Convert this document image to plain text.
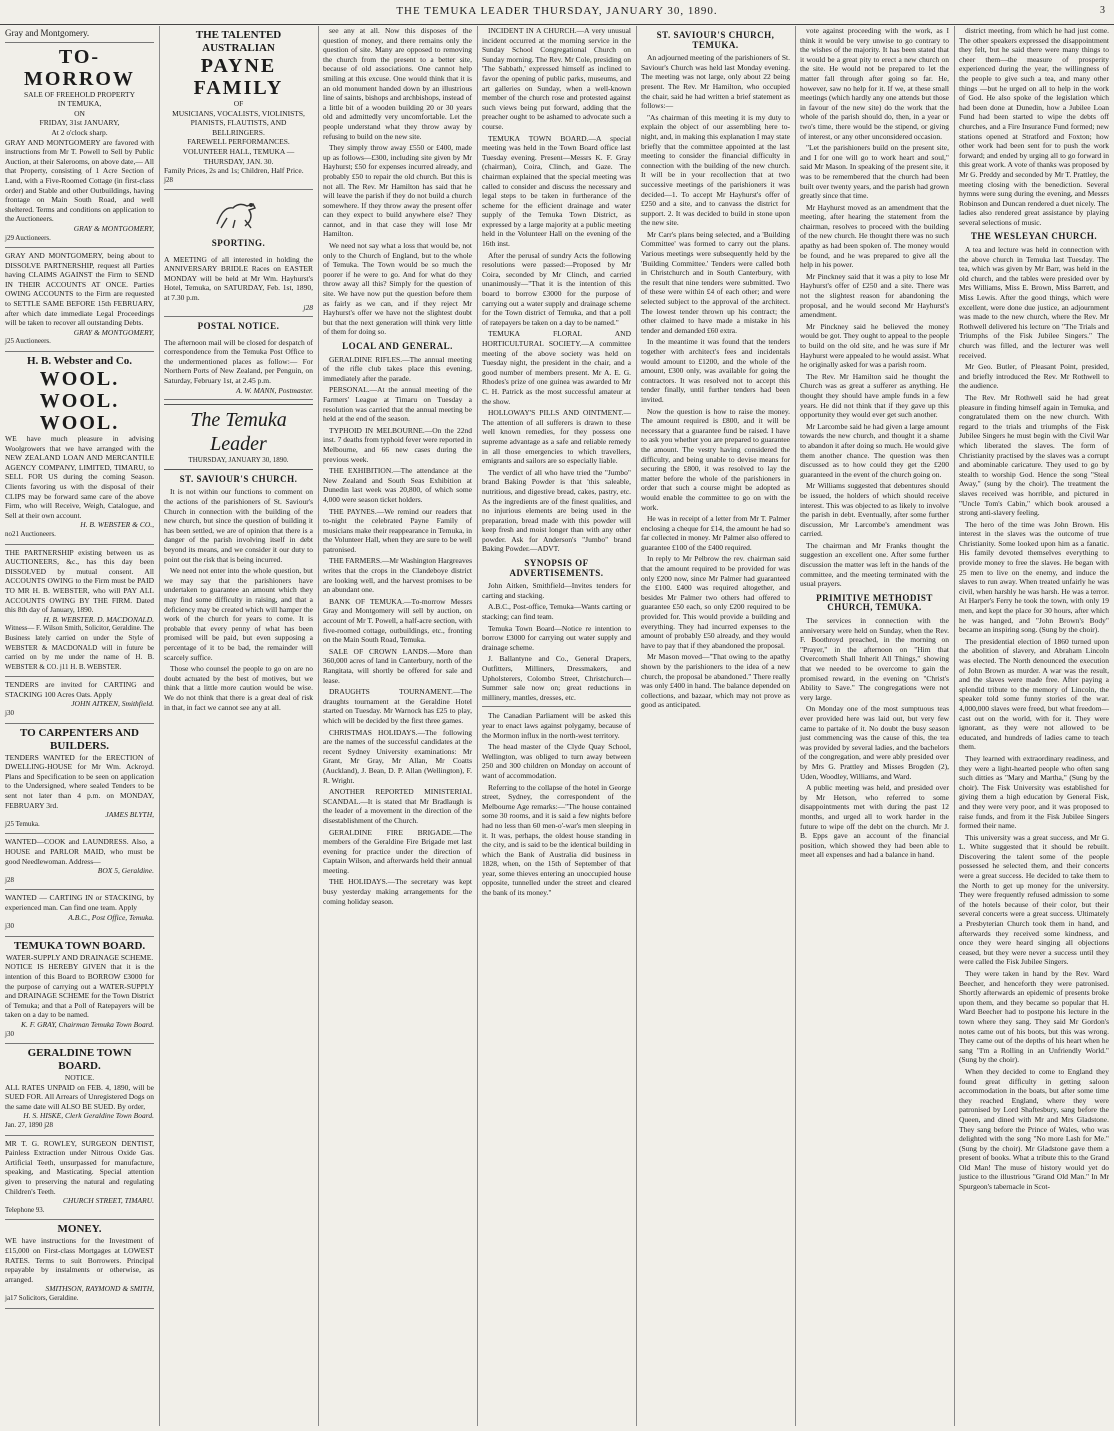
THE TEMUKA LEADER THURSDAY, JANUARY 30, 1890.	3
Gray and Montgomery.
TO-MORROW
SALE OF FREEHOLD PROPERTY
IN TEMUKA,
ON
FRIDAY, 31st JANUARY,
At 2 o'clock sharp.
GRAY AND MONTGOMERY are favored with instructions from Mr T. Powell to Sell by Public Auction, at their Salerooms, on above date,— All that Property, consisting of 1 Acre Section of Land, with a Five-Roomed Cottage (in first-class order) and Stable and other Outbuildings, having frontage on Main South Road, and well sheltered. Terms and conditions on application to the Auctioneers.
GRAY & MONTGOMERY,
j29 Auctioneers.
GRAY AND MONTGOMERY, being about to DISSOLVE PARTNERSHIP, request all Parties having CLAIMS AGAINST the Firm to SEND IN THEIR ACCOUNTS AT ONCE. Parties OWING ACCOUNTS to the Firm are requested to SETTLE SAME BEFORE 15th FEBRUARY, after which date immediate Legal Proceedings will be taken to recover all outstanding Debts.
GRAY & MONTGOMERY,
j25 Auctioneers.
H. B. Webster and Co.
WOOL. WOOL. WOOL.
WE have much pleasure in advising Woolgrowers that we have arranged with the NEW ZEALAND LOAN AND MERCANTILE AGENCY COMPANY, LIMITED, TIMARU, to SELL FOR US during the coming Season. Clients favoring us with the disposal of their CLIPS may be forward same care of the above Firm, who will Receive, Weigh, Catalogue, and Sell at their own account.
H. B. WEBSTER & CO.,
no21 Auctioneers.
THE PARTNERSHIP existing between us as AUCTIONEERS, &c., has this day been DISSOLVED by mutual consent. All ACCOUNTS OWING to the Firm must be PAID TO MR H. B. WEBSTER, who will PAY ALL ACCOUNTS OWING BY THE FIRM. Dated this 8th day of January, 1890.
H. B. WEBSTER. D. MACDONALD.
Witness— F. Wilson Smith, Solicitor, Geraldine. The Business lately carried on under the Style of WEBSTER & MACDONALD will in future be carried on by me under the name of H. B. WEBSTER & CO. j11 H. B. WEBSTER.
TENDERS are invited for CARTING and STACKING 100 Acres Oats. Apply
JOHN AITKEN, Smithfield.
j30
TO CARPENTERS AND BUILDERS.
TENDERS WANTED for the ERECTION of DWELLING-HOUSE for Mr Wm. Ackroyd. Plans and Specification to be seen on application to the Undersigned, where sealed Tenders to be sent not later than 4 p.m. on MONDAY, FEBRUARY 3rd.
JAMES BLYTH,
j25 Temuka.
WANTED—COOK and LAUNDRESS. Also, a HOUSE and PARLOR MAID, who must be good Needlewoman. Address—
BOX 5, Geraldine.
j28
WANTED — CARTING IN or STACKING, by experienced man. Can find one team. Apply
A.B.C., Post Office, Temuka.
j30
TEMUKA TOWN BOARD.
WATER-SUPPLY AND DRAINAGE SCHEME.
NOTICE IS HEREBY GIVEN that it is the intention of this Board to BORROW £3000 for the purpose of carrying out a WATER-SUPPLY and DRAINAGE SCHEME for the Town District of Temuka; and that a Poll of Ratepayers will be taken on a day to be named.
K. F. GRAY, Chairman Temuka Town Board.
j30
GERALDINE TOWN BOARD.
NOTICE.
ALL RATES UNPAID on FEB. 4, 1890, will be SUED FOR. All Arrears of Unregistered Dogs on the same date will ALSO BE SUED. By order,
H. S. HISKE, Clerk Geraldine Town Board.
Jan. 27, 1890 j28
MR T. G. ROWLEY, SURGEON DENTIST, Painless Extraction under Nitrous Oxide Gas. Artificial Teeth, unsurpassed for manufacture, speaking, and Masticating. Special attention given to preserving the natural and regulating Children's Teeth.
CHURCH STREET, TIMARU.
Telephone 93.
MONEY.
WE have instructions for the Investment of £15,000 on First-class Mortgages at LOWEST RATES. Terms to suit Borrowers. Principal repayable by instalments or otherwise, as arranged.
SMITHSON, RAYMOND & SMITH,
ja17 Solicitors, Geraldine.
THE TALENTED AUSTRALIAN
PAYNE FAMILY
OF
MUSICIANS, VOCALISTS, VIOLINISTS, PIANISTS, FLAUTISTS, AND BELLRINGERS.
FAREWELL PERFORMANCES.
VOLUNTEER HALL, TEMUKA — THURSDAY, JAN. 30.
Family Prices, 2s and 1s; Children, Half Price.
j28
SPORTING.
A MEETING of all interested in holding the ANNIVERSARY BRIDLE Races on EASTER MONDAY will be held at Mr Wm. Hayhurst's Hotel, Temuka, on SATURDAY, Feb. 1st, 1890, at 7.30 p.m.
j28
POSTAL NOTICE.
The afternoon mail will be closed for despatch of correspondence from the Temuka Post Office to the undermentioned places as follow:— For Northern Ports of New Zealand, per Penguin, on Saturday, February 1st, at 2.45 p.m.
A. W. MANN, Postmaster.
The Temuka Leader
THURSDAY, JANUARY 30, 1890.
ST. SAVIOUR'S CHURCH.

It is not within our functions to comment on the actions of the parishioners of St. Saviour's Church in connection with the building of the new church, but since the question of building it has been settled, we are of opinion that there is a danger of the parish involving itself in debt beyond its means, and we consider it our duty to point out the risk that is being incurred.

We need not enter into the whole question, but we may say that the parishioners have undertaken to guarantee an amount which they may find some difficulty in raising, and that a deficiency may be created which will hamper the work of the church for years to come. It is probable that every penny of what has been promised will be paid, but even supposing a percentage of it to be bad, the remainder will scarcely suffice.

Those who counsel the people to go on are no doubt actuated by the best of motives, but we think that a little more caution would be wise. We do not think that there is a great deal of risk in that, in fact we cannot see any at all.

see any at all. Now this disposes of the question of money, and there remains only the question of site. Many are opposed to removing the church from the present to a better site, because of old associations. One cannot help smiling at this excuse. One would think that it is an old monument handed down by an illustrious line of saints, bishops and archbishops, instead of a little bit of a wooden building 20 or 30 years old and admittedly very uncomfortable. Let the people understand what they throw away by refusing to build on the new site.

They simply throw away £550 or £400, made up as follows—£300, including site given by Mr Hayhurst; £50 for expenses incurred already, and probably £50 to repair the old church. But this is not all. The Rev. Mr Hamilton has said that he will leave the parish if they do not build a church somewhere. If they throw away the present offer can they expect to build anywhere else? They cannot, and in that case they will lose Mr Hamilton.

We need not say what a loss that would be, not only to the Church of England, but to the whole of Temuka. The Town would be so much the poorer if he were to go. And for what do they throw away all this? Simply for the question of site. We have now put the question before them as fairly as we can, and if they reject Mr Hayhurst's offer we have not the slightest doubt but that the next generation will think very little of them for doing so.

LOCAL AND GENERAL.

GERALDINE RIFLES.—The annual meeting of the rifle club takes place this evening, immediately after the parade.

PERSONAL.—At the annual meeting of the Farmers' League at Timaru on Tuesday a resolution was carried that the annual meeting be held at the end of the season.

TYPHOID IN MELBOURNE.—On the 22nd inst. 7 deaths from typhoid fever were reported in Melbourne, and 66 new cases during the previous week.

THE EXHIBITION.—The attendance at the New Zealand and South Seas Exhibition at Dunedin last week was 20,800, of which some 4,000 were season ticket holders.

THE PAYNES.—We remind our readers that to-night the celebrated Payne Family of musicians make their reappearance in Temuka, in the Volunteer Hall, when they are sure to be well patronised.

THE FARMERS.—Mr Washington Hargreaves writes that the crops in the Clandeboye district are looking well, and the harvest promises to be an abundant one.

BANK OF TEMUKA.—To-morrow Messrs Gray and Montgomery will sell by auction, on account of Mr T. Powell, a half-acre section, with five-roomed cottage, outbuildings, etc., fronting on the Main South Road, Temuka.

SALE OF CROWN LANDS.—More than 360,000 acres of land in Canterbury, north of the Rangitata, will shortly be offered for sale and lease.

DRAUGHTS TOURNAMENT.—The draughts tournament at the Geraldine Hotel started on Tuesday. Mr Warnock has £25 to play, which will be decided by the first three games.

CHRISTMAS HOLIDAYS.—The following are the names of the successful candidates at the recent Sydney University examinations: Mr Grant, Mr Gray, Mr Allan, Mr Coatts (Auckland), J. Bean, D. P. Allan (Wellington), F. R. Wright.

ANOTHER REPORTED MINISTERIAL SCANDAL.—It is stated that Mr Bradlaugh is the leader of a movement in the direction of the disestablishment of the Church.

GERALDINE FIRE BRIGADE.—The members of the Geraldine Fire Brigade met last evening for practice under the direction of Captain Wilson, and afterwards held their annual meeting.

THE HOLIDAYS.—The secretary was kept busy yesterday making arrangements for the coming holiday season.

INCIDENT IN A CHURCH.—A very unusual incident occurred at the morning service in the Sunday School Congregational Church on Sunday morning. The Rev. Mr Cole, presiding on 'The Sabbath,' expressed himself as inclined to favor the opening of public parks, museums, and art galleries on Sunday, when a well-known member of the church rose and protested against such views being put forward, adding that the preacher ought to be ashamed to advocate such a course.

TEMUKA TOWN BOARD.—A special meeting was held in the Town Board office last Tuesday evening. Present—Messrs K. F. Gray (chairman), Coira, Clinch, and Gaze. The chairman explained that the special meeting was called to consider and discuss the necessary and legal steps to be taken in furtherance of the scheme for the efficient drainage and water supply of the Temuka Town District, as expressed by a large majority at a public meeting held in the Volunteer Hall on the evening of the 16th inst.

After the perusal of sundry Acts the following resolutions were passed:—Proposed by Mr Coira, seconded by Mr Clinch, and carried unanimously—"That it is the intention of this board to borrow £3000 for the purpose of carrying out a water supply and drainage scheme for the Town district of Temuka, and that a poll of ratepayers be taken on a day to be named."

TEMUKA FLORAL AND HORTICULTURAL SOCIETY.—A committee meeting of the above society was held on Tuesday night, the president in the chair, and a good number of members present. Mr A. E. G. Rhodes's prize of one guinea was awarded to Mr C. H. Patrick as the most successful amateur at the show.

HOLLOWAY'S PILLS AND OINTMENT.—The attention of all sufferers is drawn to these well known remedies, for they possess one supreme advantage as a safe and reliable remedy in all those emergencies to which travellers, emigrants and sailors are so especially liable.

The verdict of all who have tried the "Jumbo" brand Baking Powder is that 'this saleable, nutritious, and digestive bread, cakes, pastry, etc. As the ingredients are of the finest qualities, and no injurious elements are being used in the preparation, bread made with this powder will keep fresh and moist longer than with any other powder. Ask for Anderson's "Jumbo" brand Baking Powder.—ADVT.

SYNOPSIS OF ADVERTISEMENTS.

John Aitken, Smithfield—Invites tenders for carting and stacking.

A.B.C., Post-office, Temuka—Wants carting or stacking; can find team.

Temuka Town Board—Notice re intention to borrow £3000 for carrying out water supply and drainage scheme.

J. Ballantyne and Co., General Drapers, Outfitters, Milliners, Dressmakers, and Upholsterers, Colombo Street, Christchurch—Summer sale now on; great reductions in millinery, mantles, dresses, etc.

The Canadian Parliament will be asked this year to enact laws against polygamy, because of the Mormon influx in the north-west territory.

The head master of the Clyde Quay School, Wellington, was obliged to turn away between 250 and 300 children on Monday on account of want of accommodation.

Referring to the collapse of the hotel in George street, Sydney, the correspondent of the Melbourne Age remarks:—"The house contained some 30 rooms, and it is said a few nights before had no less than 60 men-o'-war's men sleeping in it. It was, perhaps, the oldest house standing in the city, and is said to be the identical building in which the Bank of Australia did business in 1828, when, on the 15th of September of that year, some thieves entering an unoccupied house opposite, tunnelled under the street and cleared the bank of its money."

ST. SAVIOUR'S CHURCH, TEMUKA.

An adjourned meeting of the parishioners of St. Saviour's Church was held last Monday evening. The meeting was not large, only about 22 being present. The Rev. Mr Hamilton, who occupied the chair, said he had written a brief statement as follows:—

"As chairman of this meeting it is my duty to explain the object of our assembling here to-night, and, in making this explanation I may state briefly that the committee appointed at the last meeting to consider the financial difficulty in connection with the building of the new church. It will be in your recollection that at two successive meetings of the parishioners it was decided—1. To accept Mr Hayhurst's offer of £250 and a site, and to canvass the district for support. 2. It was decided to build in stone upon the new site.

Mr Carr's plans being selected, and a 'Building Committee' was formed to carry out the plans. Various meetings were subsequently held by the 'Building Committee.' Tenders were called both in Christchurch and in South Canterbury, with the result that nine tenders were submitted. Two of these were within £4 of each other; and were selected subject to the approval of the architect. The lowest tender thrown up his contract; the other claimed to have made a mistake in his tender and demanded £60 extra.

In the meantime it was found that the tenders together with architect's fees and incidentals would amount to £1200, and the whole of the amount, £300 only, was available for going the contractors. It was resolved not to accept this tender finally, until further tenders had been invited.

Now the question is how to raise the money. The amount required is £800, and it will be necessary that a guarantee fund be raised. I have to ask you whether you are prepared to guarantee the amount. The vestry having considered the difficulty, and being unable to devise means for securing the £800, it was resolved to lay the matter before the whole of the parishioners in order that such a course might be adopted as would enable the committee to go on with the work.

He was in receipt of a letter from Mr T. Palmer enclosing a cheque for £14, the amount he had so far collected in money. Mr Palmer also offered to guarantee £100 of the £400 required.

In reply to Mr Pelbrow the rev. chairman said that the amount required to be provided for was only £200 now, since Mr Palmer had guaranteed the £100. £400 was required altogether, and besides Mr Palmer two others had offered to guarantee £50 each, so only £200 required to be provided for. This would provide a building and everything. They had incurred expenses to the amount of probably £50 already, and they would have to pay that if they abandoned the proposal.

Mr Mason moved—"That owing to the apathy shown by the parishioners to the idea of a new church, the proposal be abandoned." There really was only £400 in hand. The balance depended on collections, and bazaar, which may not prove as good as anticipated.

vote against proceeding with the work, as I think it would be very unwise to go contrary to the wishes of the majority. It has been stated that it would be a great pity to erect a new church on the site. He would not be prepared to let the matter fall through after going so far. He, however, saw no help for it. If we, at these small meetings (which hardly any one attends but those in favour of the new site) do the work that the whole of the parish should do, then, in a year or two's time, there would be the stipend, or giving of interest, or any other unconsidered occasion.

"Let the parishioners build on the present site, and I for one will go to work heart and soul," said Mr Mason. In speaking of the present site, it was to be remembered that the church had been built over twenty years, and the parish had grown greatly since that time.

Mr Hayhurst moved as an amendment that the meeting, after hearing the statement from the chairman, resolves to proceed with the building of the new church. He thought there was no such apathy as had been spoken of. The money would be found, and he was prepared to give all the help in his power.

Mr Pinckney said that it was a pity to lose Mr Hayhurst's offer of £250 and a site. There was not the slightest reason for abandoning the proposal, and he would second Mr Hayhurst's amendment.

Mr Pinckney said he believed the money would be got. They ought to appeal to the people to build on the old site, and he was sure if Mr Hayhurst were appealed to he would assist. What he originally asked for was a parish room.

The Rev. Mr Hamilton said he thought the Church was as great a sufferer as anything. He thought they should have ample funds in a few years. He did not think that if they gave up this opportunity they would ever get such another.

Mr Larcombe said he had given a large amount towards the new church, and thought it a shame to abandon it after doing so much. He would give them another chance. The question was then discussed as to how could they get the £200 guaranteed in the event of the church going on.

Mr Williams suggested that debentures should be issued, the holders of which should receive interest. This was objected to as likely to involve the parish in debt. Eventually, after some further discussion, Mr Larcombe's amendment was carried.

The chairman and Mr Franks thought the suggestion an excellent one. After some further discussion the matter was left in the hands of the committee, and the meeting terminated with the usual prayers.

PRIMITIVE METHODIST CHURCH, TEMUKA.

The services in connection with the anniversary were held on Sunday, when the Rev. F. Boothroyd preached, in the morning on "Prayer," in the afternoon on "Him that Overcometh Shall Inherit All Things," showing that we needed to be overcome to gain the promised reward, in the evening on "Christ's Ability to Save." The congregations were not very large.

On Monday one of the most sumptuous teas ever provided here was laid out, but very few came to partake of it. No doubt the busy season just commencing was the cause of this, the tea was provided by several ladies, and the bachelors of the congregation, and were ably presided over by Mrs G. Prattley and Misses Brogden (2), Uden, Woodley, Williams, and Ward.

A public meeting was held, and presided over by Mr Hetson, who referred to some disappointments met with during the past 12 months, and urged all to work harder in the future to wipe off the debt on the church. Mr J. B. Epps gave an account of the financial position, which showed they had been able to meet all expenses and had a balance in hand.

district meeting, from which he had just come. The other speakers expressed the disappointment they felt, but he said there were many things to cheer them—the measure of prosperity experienced during the year, the willingness of the people to give such a tea, and many other things —but he urged on all to help in the work of God. He also spoke of the legislation which had been done at Dunedin, how a Jubilee Loan Fund had been started to wipe the debts off churches, and a Fire Insurance Fund formed; new stations opened at Stratford and Foxton; how other work had been sent for to push the work forward; and ended by urging all to go forward in this great work. A vote of thanks was proposed by Mr G. Preddy and seconded by Mr T. Prattley, the meeting closing with the benediction. Several hymns were sung during the evening, and Messrs Robinson and Duncan rendered a duet nicely. The ladies also rendered great assistance by playing several selections of music.

THE WESLEYAN CHURCH.

A tea and lecture was held in connection with the above church in Temuka last Tuesday. The tea, which was given by Mr Barr, was held in the old church, and the tables were presided over by Mrs Williams, Miss E. Brown, Miss Barrett, and Miss Lewis. After the good things, which were excellent, were done due justice, an adjournment was made to the new church, where the Rev. Mr Rothwell delivered his lecture on "The Trials and Triumphs of the Fisk Jubilee Singers." The church was filled, and the lecturer was well received.

Mr Geo. Butler, of Pleasant Point, presided, and briefly introduced the Rev. Mr Rothwell to the audience.

The Rev. Mr Rothwell said he had great pleasure in finding himself again in Temuka, and congratulated them on the new church. With regard to the trials and triumphs of the Fisk Jubilee Singers he must begin with the Civil War which liberated the slaves. The form of Christianity practised by the slaves was a corrupt and abominable caricature. They used to go by stealth to worship God. Hence the song "Steal Away," (sung by the choir). The treatment the slaves received was horrible, and pictured in "Uncle Tom's Cabin," which book aroused a strong anti-slavery feeling.

The hero of the time was John Brown. His interest in the slaves was the outcome of true Christianity. Some looked upon him as a fanatic. His family devoted themselves everything to provide money to free the slaves. He began with 25 men to live on the enemy, and induce the slaves to run away. When treated unfairly he was civil, when harshly he was harsh. He was a terror. At Harper's Ferry he took the town, with only 19 men, and kept the place for 30 hours, after which he was hanged, and "John Brown's Body" became an inspiring song. (Sung by the choir).

The presidential election of 1860 turned upon the abolition of slavery, and Abraham Lincoln was elected. The North denounced the execution of John Brown as murder. A war was the result, and the slaves were made free. After paying a splendid tribute to the memory of Lincoln, the speaker told some funny stories of the war. 4,000,000 slaves were freed, but what freedom—cast out on the world, with for it. They were ignorant, as they were not allowed to be educated, and hundreds of ladies came to teach them.

They learned with extraordinary readiness, and they were a light-hearted people who often sang such ditties as "Mary and Martha," (Sung by the choir). The Fisk University was established for giving them a high education by General Fisk, and they were very poor, and it was proposed to raise funds, and from it the Fisk Jubilee Singers formed their name.

This university was a great success, and Mr G. L. White suggested that it should be rebuilt. Discovering the talent some of the people possessed he selected them, and their concerts were a great success. He decided to take them to the North to get up money for the university. They were frequently refused admission to some of the hotels because of their color, but their several concerts were a great success. Ultimately a Presbyterian Church took them in hand, and afterwards they received some kindness, and once they were heard singing all objections ceased, but they were never a success until they were called the Fisk Jubilee Singers.

They were taken in hand by the Rev. Ward Beecher, and henceforth they were patronised. Shortly afterwards an epidemic of presents broke upon them, and they became so popular that H. Ward Beecher had to postpone his lecture in the town where they sang. They said Mr Gordon's notes came out of his boots, but this was wrong. They came out of the depths of his heart when he sang "I'm a Rolling in an Unfriendly World." (Sung by the choir).

When they decided to come to England they found great difficulty in getting saloon accommodation in the boats, but after some time they reached England, where they were patronised by Lord Shaftesbury, sang before the Queen, and dined with Mr and Mrs Gladstone. They sang before the Prince of Wales, who was delighted with the song "No more Lash for Me." (Sung by the choir). Mr Gladstone gave them a present of books. What a tribute this to the Grand Old Man! The muse of history would yet do justice to the illustrious "Grand Old Man." In Mr Spurgeon's tabernacle in Scot-
